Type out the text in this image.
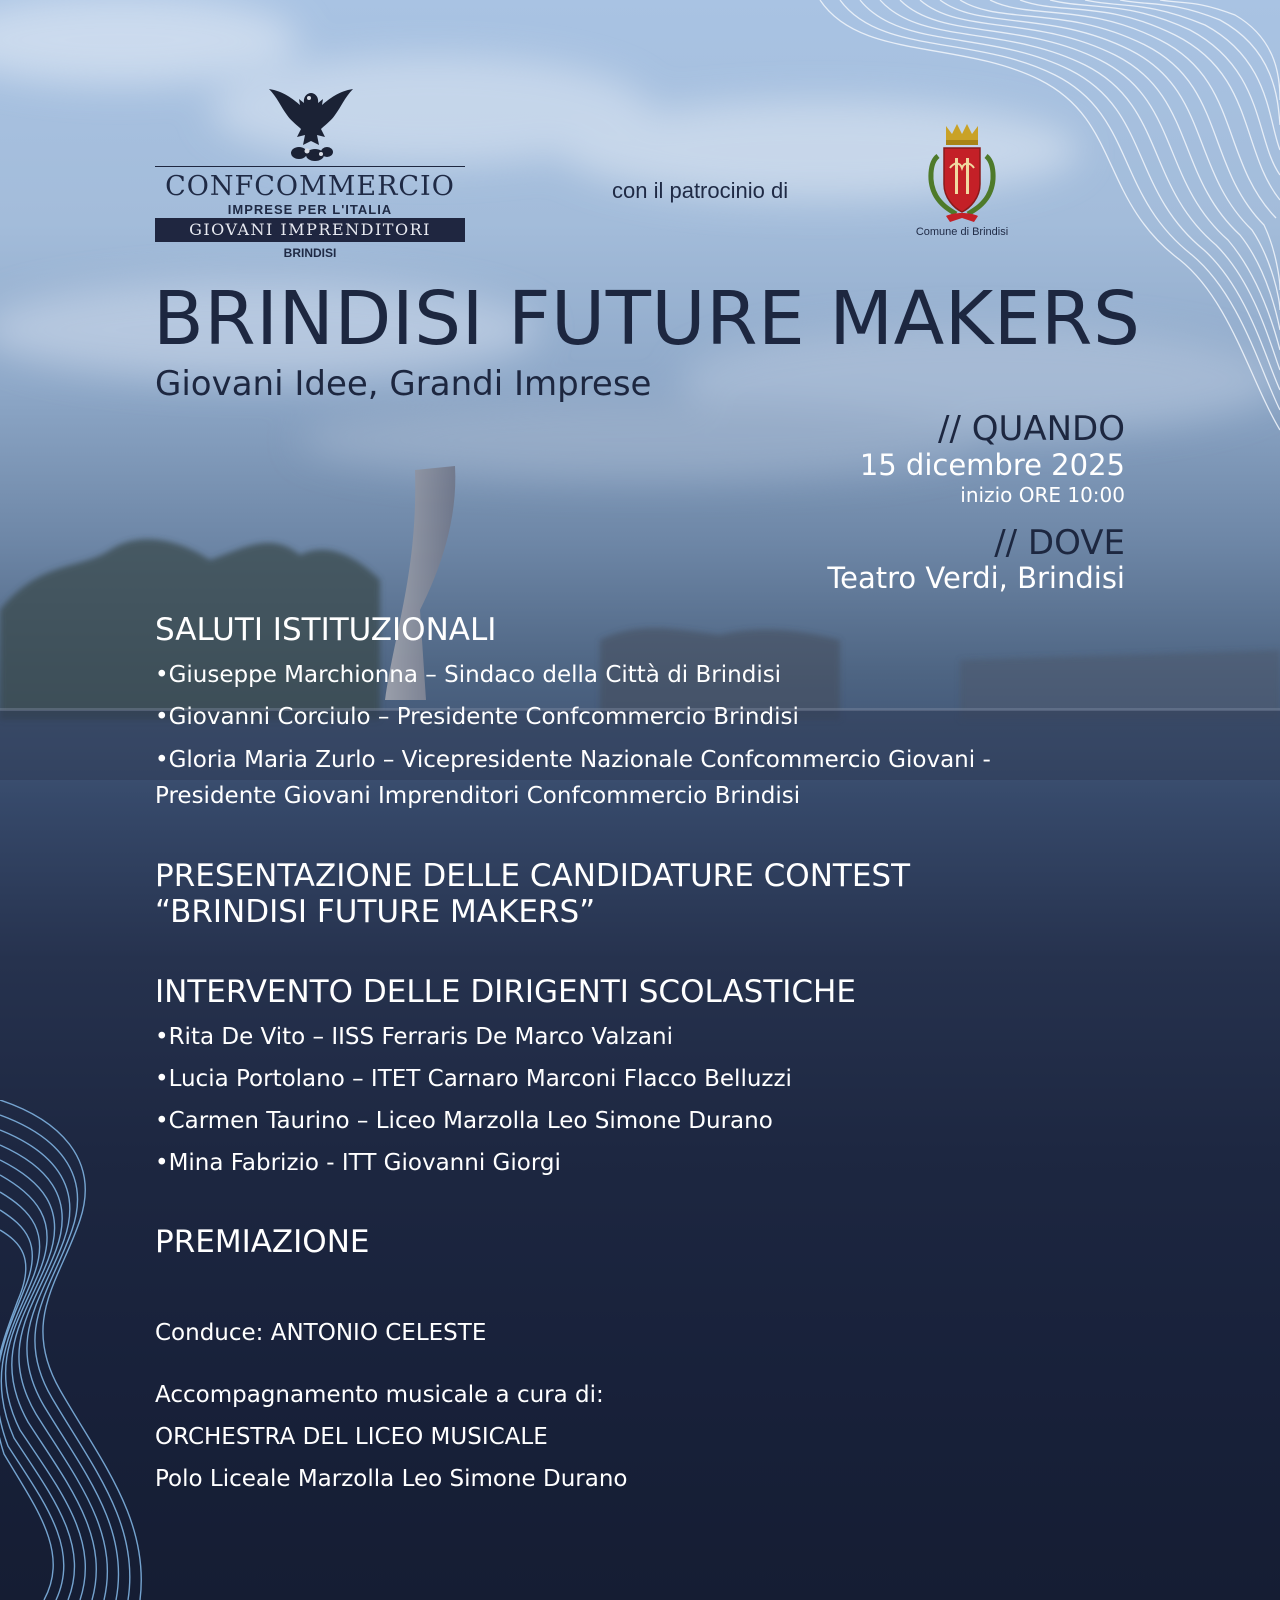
CONFCOMMERCIO
IMPRESE PER L'ITALIA
GIOVANI IMPRENDITORI
BRINDISI
con il patrocinio di
Comune di Brindisi
BRINDISI FUTURE MAKERS
Giovani Idee, Grandi Imprese
// QUANDO
15 dicembre 2025
inizio ORE 10:00
// DOVE
Teatro Verdi, Brindisi
SALUTI ISTITUZIONALI
•Giuseppe Marchionna – Sindaco della Città di Brindisi
•Giovanni Corciulo – Presidente Confcommercio Brindisi
•Gloria Maria Zurlo – Vicepresidente Nazionale Confcommercio Giovani - Presidente Giovani Imprenditori Confcommercio Brindisi
PRESENTAZIONE DELLE CANDIDATURE CONTEST
“BRINDISI FUTURE MAKERS”
INTERVENTO DELLE DIRIGENTI SCOLASTICHE
•Rita De Vito – IISS Ferraris De Marco Valzani
•Lucia Portolano – ITET Carnaro Marconi Flacco Belluzzi
•Carmen Taurino – Liceo Marzolla Leo Simone Durano
•Mina Fabrizio - ITT Giovanni Giorgi
PREMIAZIONE
Conduce: ANTONIO CELESTE
Accompagnamento musicale a cura di:
ORCHESTRA DEL LICEO MUSICALE
Polo Liceale Marzolla Leo Simone Durano
